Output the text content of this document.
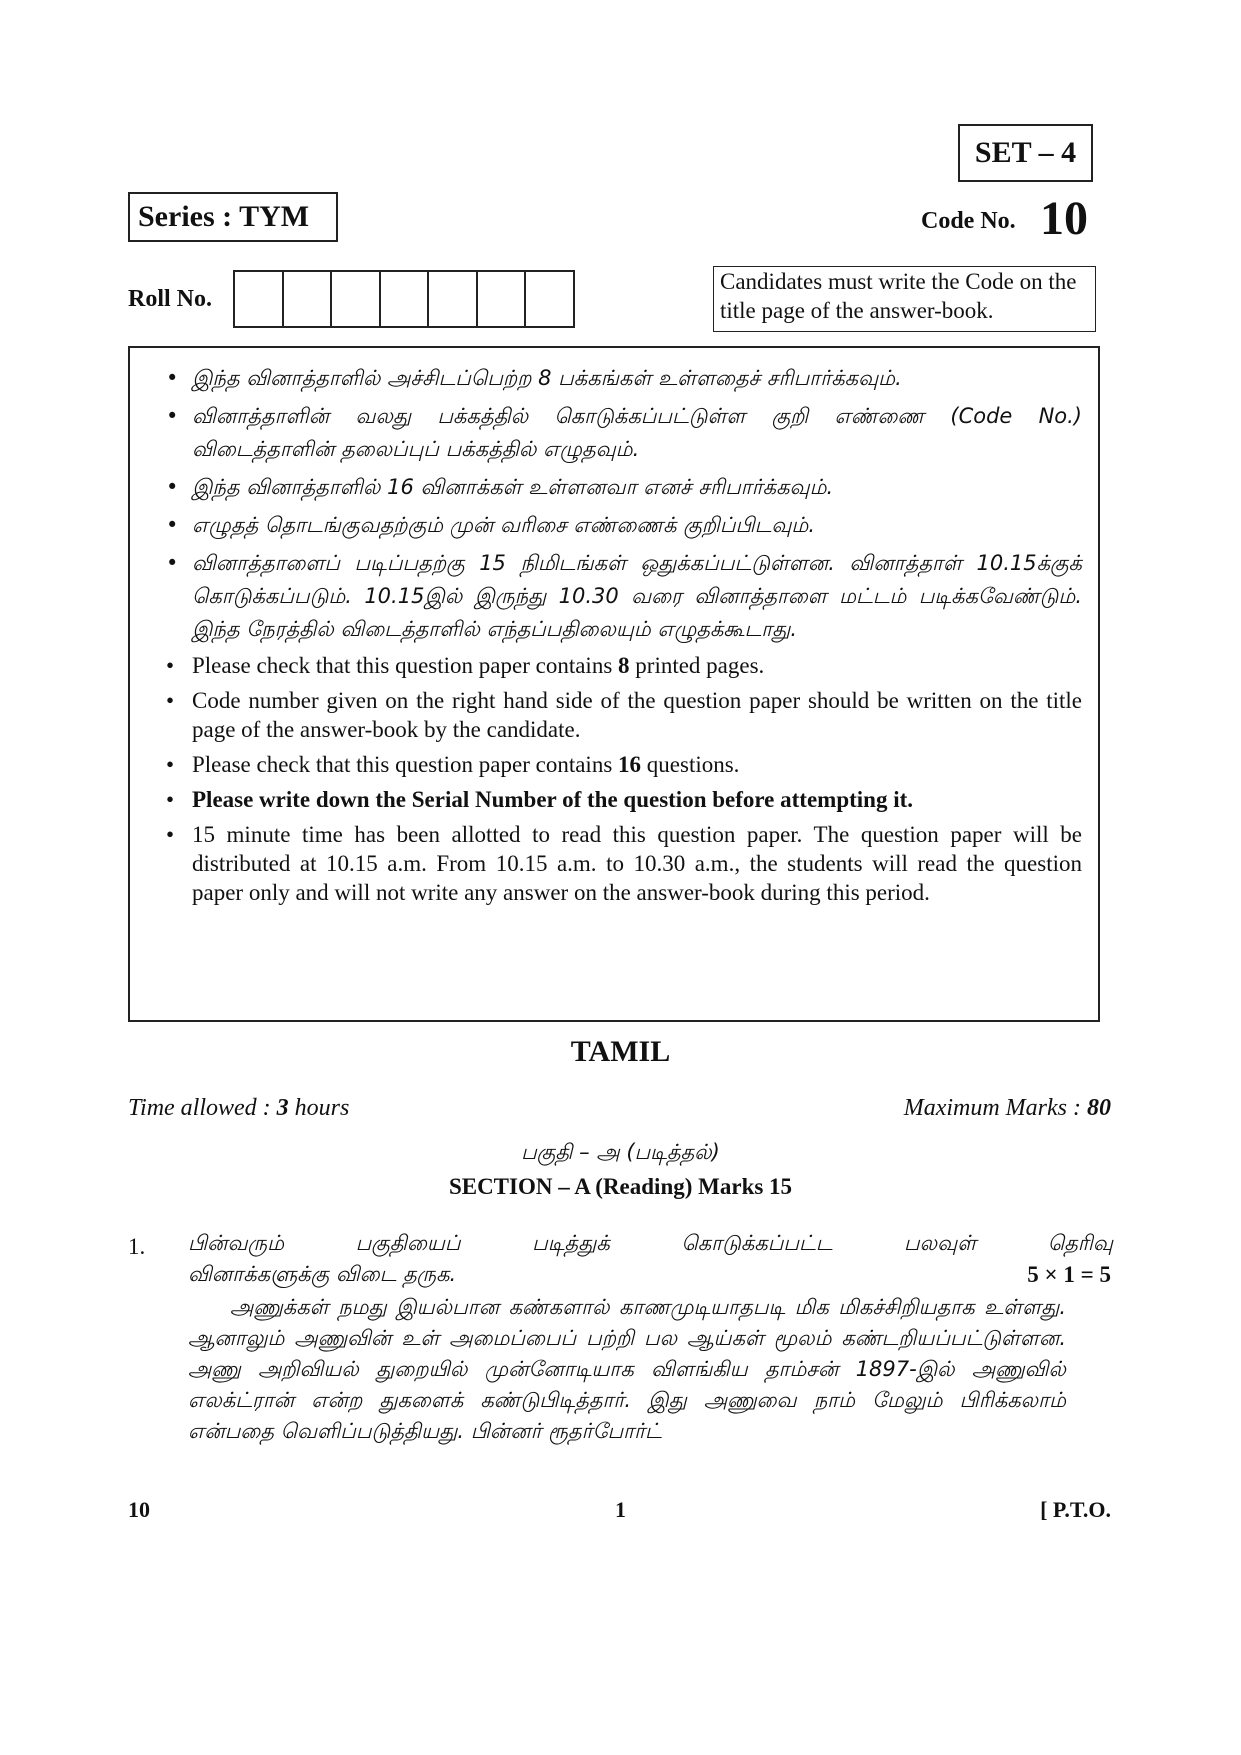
SET – 4
Series : TYM	Code No. 10
Roll No.
Candidates must write the Code on the title page of the answer-book.
• இந்த வினாத்தாளில் அச்சிடப்பெற்ற 8 பக்கங்கள் உள்ளதைச் சரிபார்க்கவும்.
• வினாத்தாளின் வலது பக்கத்தில் கொடுக்கப்பட்டுள்ள குறி எண்ணை (Code No.) விடைத்தாளின் தலைப்புப் பக்கத்தில் எழுதவும்.
• இந்த வினாத்தாளில் 16 வினாக்கள் உள்ளனவா எனச் சரிபார்க்கவும்.
• எழுதத் தொடங்குவதற்கும் முன் வரிசை எண்ணைக் குறிப்பிடவும்.
• வினாத்தாளைப் படிப்பதற்கு 15 நிமிடங்கள் ஒதுக்கப்பட்டுள்ளன. வினாத்தாள் 10.15க்குக் கொடுக்கப்படும். 10.15இல் இருந்து 10.30 வரை வினாத்தாளை மட்டம் படிக்கவேண்டும். இந்த நேரத்தில் விடைத்தாளில் எந்தப்பதிலையும் எழுதக்கூடாது.
• Please check that this question paper contains 8 printed pages.
• Code number given on the right hand side of the question paper should be written on the title page of the answer-book by the candidate.
• Please check that this question paper contains 16 questions.
• Please write down the Serial Number of the question before attempting it.
• 15 minute time has been allotted to read this question paper. The question paper will be distributed at 10.15 a.m. From 10.15 a.m. to 10.30 a.m., the students will read the question paper only and will not write any answer on the answer-book during this period.
TAMIL
Time allowed : 3 hours	Maximum Marks : 80
பகுதி – அ (படித்தல்)
SECTION – A (Reading) Marks 15
1. பின்வரும் பகுதியைப் படித்துக் கொடுக்கப்பட்ட பலவுள் தெரிவு
வினாக்களுக்கு விடை தருக.	5 × 1 = 5
  அணுக்கள் நமது இயல்பான கண்களால் காணமுடியாதபடி மிக மிகச்சிறியதாக உள்ளது. ஆனாலும் அணுவின் உள் அமைப்பைப் பற்றி பல ஆய்கள் மூலம் கண்டறியப்பட்டுள்ளன. அணு அறிவியல் துறையில் முன்னோடியாக விளங்கிய தாம்சன் 1897-இல் அணுவில் எலக்ட்ரான் என்ற துகளைக் கண்டுபிடித்தார். இது அணுவை நாம் மேலும் பிரிக்கலாம் என்பதை வெளிப்படுத்தியது. பின்னர் ரூதர்போர்ட்
10	1	[ P.T.O.
